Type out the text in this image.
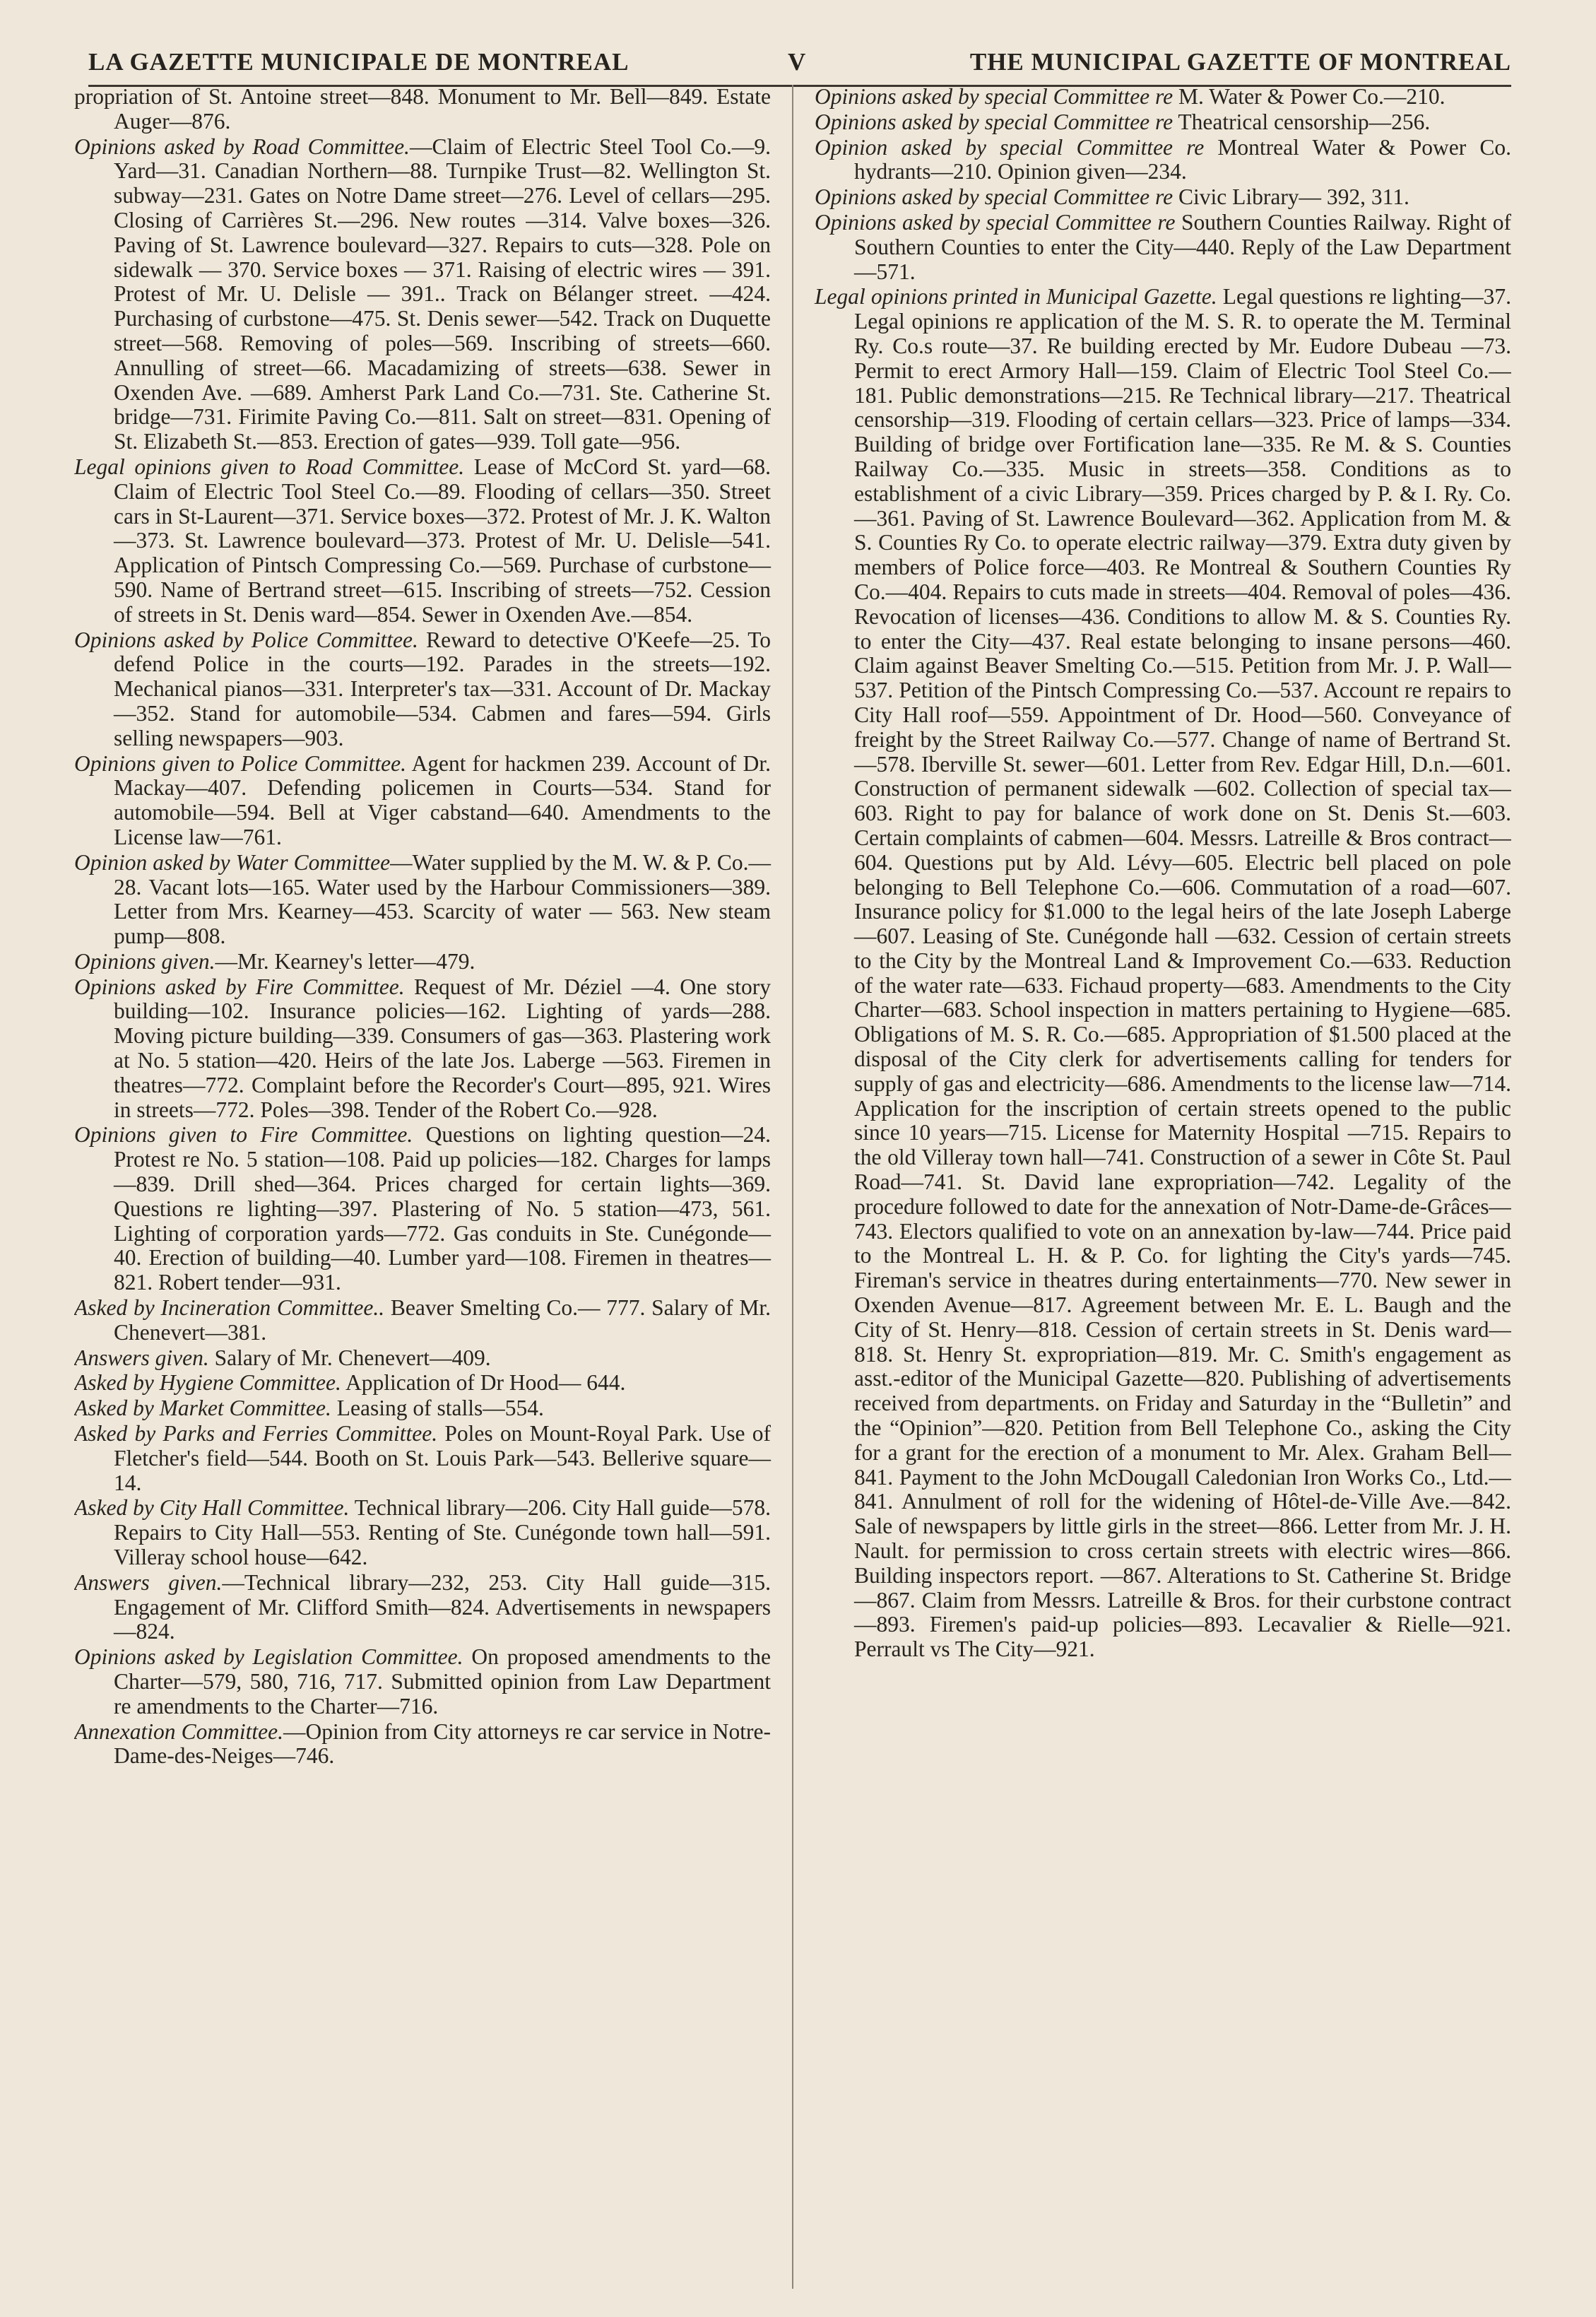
LA GAZETTE MUNICIPALE DE MONTREAL	V	THE MUNICIPAL GAZETTE OF MONTREAL

propriation of St. Antoine street—848. Monument to Mr. Bell—849. Estate Auger—876.

Opinions asked by Road Committee.—Claim of Electric Steel Tool Co.—9. Yard—31. Canadian Northern—88. Turnpike Trust—82. Wellington St. subway—231. Gates on Notre Dame street—276. Level of cellars—295. Closing of Carrières St.—296. New routes —314. Valve boxes—326. Paving of St. Lawrence boulevard—327. Repairs to cuts—328. Pole on sidewalk — 370. Service boxes — 371. Raising of electric wires — 391. Protest of Mr. U. Delisle — 391.. Track on Bélanger street. —424. Purchasing of curbstone—475. St. Denis sewer—542. Track on Duquette street—568. Removing of poles—569. Inscribing of streets—660. Annulling of street—66. Macadamizing of streets—638. Sewer in Oxenden Ave. —689. Amherst Park Land Co.—731. Ste. Catherine St. bridge—731. Firimite Paving Co.—811. Salt on street—831. Opening of St. Elizabeth St.—853. Erection of gates—939. Toll gate—956.

Legal opinions given to Road Committee. Lease of McCord St. yard—68. Claim of Electric Tool Steel Co.—89. Flooding of cellars—350. Street cars in St-Laurent—371. Service boxes—372. Protest of Mr. J. K. Walton —373. St. Lawrence boulevard—373. Protest of Mr. U. Delisle—541. Application of Pintsch Compressing Co.—569. Purchase of curbstone—590. Name of Bertrand street—615. Inscribing of streets—752. Cession of streets in St. Denis ward—854. Sewer in Oxenden Ave.—854.

Opinions asked by Police Committee. Reward to detective O'Keefe—25. To defend Police in the courts—192. Parades in the streets—192. Mechanical pianos—331. Interpreter's tax—331. Account of Dr. Mackay—352. Stand for automobile—534. Cabmen and fares—594. Girls selling newspapers—903.

Opinions given to Police Committee. Agent for hackmen 239. Account of Dr. Mackay—407. Defending policemen in Courts—534. Stand for automobile—594. Bell at Viger cabstand—640. Amendments to the License law—761.

Opinion asked by Water Committee—Water supplied by the M. W. & P. Co.—28. Vacant lots—165. Water used by the Harbour Commissioners—389. Letter from Mrs. Kearney—453. Scarcity of water — 563. New steam pump—808.

Opinions given.—Mr. Kearney's letter—479.

Opinions asked by Fire Committee. Request of Mr. Déziel —4. One story building—102. Insurance policies—162. Lighting of yards—288. Moving picture building—339. Consumers of gas—363. Plastering work at No. 5 station—420. Heirs of the late Jos. Laberge —563. Firemen in theatres—772. Complaint before the Recorder's Court—895, 921. Wires in streets—772. Poles—398. Tender of the Robert Co.—928.

Opinions given to Fire Committee. Questions on lighting question—24. Protest re No. 5 station—108. Paid up policies—182. Charges for lamps—839. Drill shed—364. Prices charged for certain lights—369. Questions re lighting—397. Plastering of No. 5 station—473, 561. Lighting of corporation yards—772. Gas conduits in Ste. Cunégonde—40. Erection of building—40. Lumber yard—108. Firemen in theatres—821. Robert tender—931.

Asked by Incineration Committee.. Beaver Smelting Co.— 777. Salary of Mr. Chenevert—381.

Answers given. Salary of Mr. Chenevert—409.

Asked by Hygiene Committee. Application of Dr Hood— 644.

Asked by Market Committee. Leasing of stalls—554.

Asked by Parks and Ferries Committee. Poles on Mount-Royal Park. Use of Fletcher's field—544. Booth on St. Louis Park—543. Bellerive square—14.

Asked by City Hall Committee. Technical library—206. City Hall guide—578. Repairs to City Hall—553. Renting of Ste. Cunégonde town hall—591. Villeray school house—642.

Answers given.—Technical library—232, 253. City Hall guide—315. Engagement of Mr. Clifford Smith—824. Advertisements in newspapers—824.

Opinions asked by Legislation Committee. On proposed amendments to the Charter—579, 580, 716, 717. Submitted opinion from Law Department re amendments to the Charter—716.

Annexation Committee.—Opinion from City attorneys re car service in Notre-Dame-des-Neiges—746.

Opinions asked by special Committee re M. Water & Power Co.—210.

Opinions asked by special Committee re Theatrical censorship—256.

Opinion asked by special Committee re Montreal Water & Power Co. hydrants—210. Opinion given—234.

Opinions asked by special Committee re Civic Library— 392, 311.

Opinions asked by special Committee re Southern Counties Railway. Right of Southern Counties to enter the City—440. Reply of the Law Department—571.

Legal opinions printed in Municipal Gazette. Legal questions re lighting—37. Legal opinions re application of the M. S. R. to operate the M. Terminal Ry. Co.s route—37. Re building erected by Mr. Eudore Dubeau —73. Permit to erect Armory Hall—159. Claim of Electric Tool Steel Co.—181. Public demonstrations—215. Re Technical library—217. Theatrical censorship—319. Flooding of certain cellars—323. Price of lamps—334. Building of bridge over Fortification lane—335. Re M. & S. Counties Railway Co.—335. Music in streets—358. Conditions as to establishment of a civic Library—359. Prices charged by P. & I. Ry. Co.—361. Paving of St. Lawrence Boulevard—362. Application from M. & S. Counties Ry Co. to operate electric railway—379. Extra duty given by members of Police force—403. Re Montreal & Southern Counties Ry Co.—404. Repairs to cuts made in streets—404. Removal of poles—436. Revocation of licenses—436. Conditions to allow M. & S. Counties Ry. to enter the City—437. Real estate belonging to insane persons—460. Claim against Beaver Smelting Co.—515. Petition from Mr. J. P. Wall—537. Petition of the Pintsch Compressing Co.—537. Account re repairs to City Hall roof—559. Appointment of Dr. Hood—560. Conveyance of freight by the Street Railway Co.—577. Change of name of Bertrand St.—578. Iberville St. sewer—601. Letter from Rev. Edgar Hill, D.n.—601. Construction of permanent sidewalk —602. Collection of special tax—603. Right to pay for balance of work done on St. Denis St.—603. Certain complaints of cabmen—604. Messrs. Latreille & Bros contract—604. Questions put by Ald. Lévy—605. Electric bell placed on pole belonging to Bell Telephone Co.—606. Commutation of a road—607. Insurance policy for $1.000 to the legal heirs of the late Joseph Laberge—607. Leasing of Ste. Cunégonde hall —632. Cession of certain streets to the City by the Montreal Land & Improvement Co.—633. Reduction of the water rate—633. Fichaud property—683. Amendments to the City Charter—683. School inspection in matters pertaining to Hygiene—685. Obligations of M. S. R. Co.—685. Appropriation of $1.500 placed at the disposal of the City clerk for advertisements calling for tenders for supply of gas and electricity—686. Amendments to the license law—714. Application for the inscription of certain streets opened to the public since 10 years—715. License for Maternity Hospital —715. Repairs to the old Villeray town hall—741. Construction of a sewer in Côte St. Paul Road—741. St. David lane expropriation—742. Legality of the procedure followed to date for the annexation of Notr-Dame-de-Grâces—743. Electors qualified to vote on an annexation by-law—744. Price paid to the Montreal L. H. & P. Co. for lighting the City's yards—745. Fireman's service in theatres during entertainments—770. New sewer in Oxenden Avenue—817. Agreement between Mr. E. L. Baugh and the City of St. Henry—818. Cession of certain streets in St. Denis ward—818. St. Henry St. expropriation—819. Mr. C. Smith's engagement as asst.-editor of the Municipal Gazette—820. Publishing of advertisements received from departments. on Friday and Saturday in the “Bulletin” and the “Opinion”—820. Petition from Bell Telephone Co., asking the City for a grant for the erection of a monument to Mr. Alex. Graham Bell—841. Payment to the John McDougall Caledonian Iron Works Co., Ltd.—841. Annulment of roll for the widening of Hôtel-de-Ville Ave.—842. Sale of newspapers by little girls in the street—866. Letter from Mr. J. H. Nault. for permission to cross certain streets with electric wires—866. Building inspectors report. —867. Alterations to St. Catherine St. Bridge—867. Claim from Messrs. Latreille & Bros. for their curbstone contract—893. Firemen's paid-up policies—893. Lecavalier & Rielle—921. Perrault vs The City—921.
